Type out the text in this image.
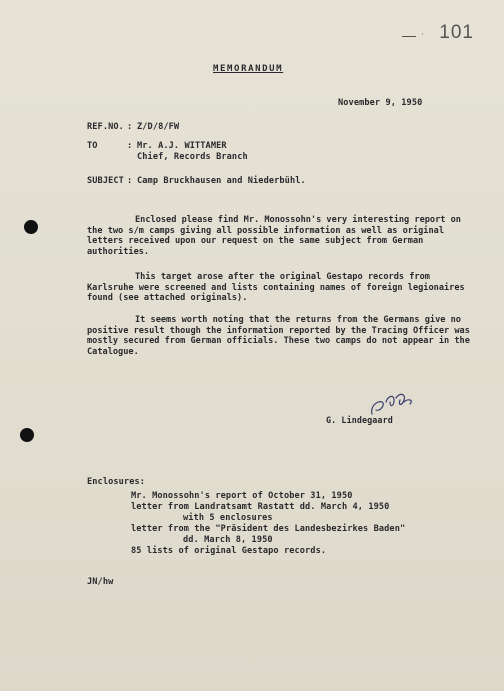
' 101
MEMORANDUM
November 9, 1950
REF.NO. : Z/D/8/FW
TO	: Mr. A.J. WITTAMER
Chief, Records Branch
SUBJECT : Camp Bruckhausen and Niederbühl.
Enclosed please find Mr. Monossohn's very interesting report on the two s/m camps giving all possible information as well as original letters received upon our request on the same subject from German authorities.
This target arose after the original Gestapo records from Karlsruhe were screened and lists containing names of foreign legionaires found (see attached originals).
It seems worth noting that the returns from the Germans give no positive result though the information reported by the Tracing Officer was mostly secured from German officials. These two camps do not appear in the Catalogue.
G. Lindegaard
Enclosures:
Mr. Monossohn's report of October 31, 1950
letter from Landratsamt Rastatt dd. March 4, 1950
with 5 enclosures
letter from the "Präsident des Landesbezirkes Baden"
dd. March 8, 1950
85 lists of original Gestapo records.
JN/hw
